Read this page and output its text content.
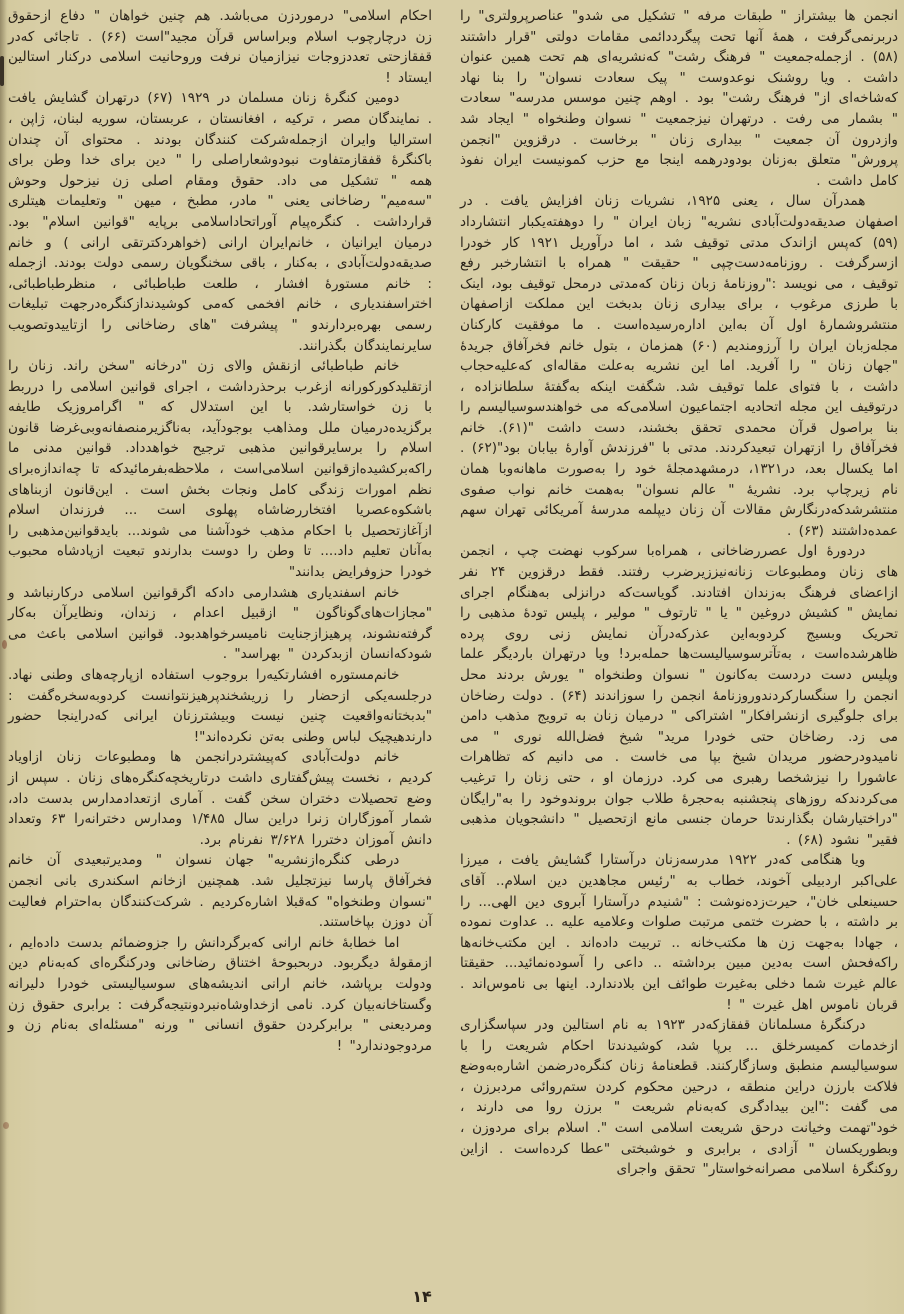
انجمن ها بیشتراز " طبقات مرفه " تشکیل می شدو" عناصرپرولتری" را دربرنمی‌گرفت ، همهٔ آنها تحت پیگرددائمی مقامات دولتی "قرار داشتند (۵۸) . ازجمله‌جمعیت " فرهنگ رشت" که‌نشریه‌ای هم تحت همین عنوان داشت . ویا روشنک نوعدوست " پیک سعادت نسوان" را بنا نهاد که‌شاخه‌ای از" فرهنگ رشت" بود . اوهم چنین موسس مدرسه" سعادت " بشمار می رفت . درتهران نیزجمعیت " نسوان وطنخواه " ایجاد شد وازدرون آن جمعیت " بیداری زنان " برخاست . درقزوین "انجمن پرورش" متعلق به‌زنان بودودرهمه اینجا مع حزب کمونیست ایران نفوذ کامل داشت .

همدرآن سال ، یعنی ۱۹۲۵، نشریات زنان افزایش یافت . در اصفهان صدیقه‌دولت‌آبادی نشریه" زبان ایران " را دوهفته‌یکبار انتشارداد (۵۹) که‌پس ازاندک مدتی توقیف شد ، اما درآوریل ۱۹۲۱ کار خودرا ازسرگرفت . روزنامه‌دست‌چپی " حقیقت " همراه با انتشارخبر رفع توقیف ، می نویسد :"روزنامهٔ زبان زنان که‌مدتی درمحل توقیف بود، اینک با طرزی مرغوب ، برای بیداری زنان بدبخت این مملکت ازاصفهان منتشروشمارهٔ اول آن به‌این اداره‌رسیده‌است . ما موفقیت کارکنان مجله‌زبان ایران را آرزومندیم (۶۰) همزمان ، بتول خانم فخرآفاق جریدهٔ "جهان زنان " را آفرید. اما این نشریه به‌علت مقاله‌ای که‌علیه‌حجاب داشت ، با فتوای علما توقیف شد. شگفت اینکه به‌گفتهٔ سلطانزاده ، درتوقیف این مجله اتحادیه اجتماعیون اسلامی‌که می خواهندسوسیالیسم را بنا براصول قرآن محمدی تحقق بخشند، دست داشت "(۶۱). خانم فخرآفاق را ازتهران تبعیدکردند. مدتی با "فرزندش آوارهٔ بیابان بود"(۶۲) . اما یکسال بعد، در۱۳۲۱، درمشهدمجلهٔ خود را به‌صورت ماهانه‌وبا همان نام زیرچاپ برد. نشریهٔ " عالم نسوان" به‌همت خانم نواب صفوی منتشرشدکه‌درنگارش مقالات آن زنان دیپلمه مدرسهٔ آمریکائی تهران سهم عمده‌داشتند (۶۳) .

دردورهٔ اول عصررضاخانی ، همراه‌با سرکوب نهضت چپ ، انجمن های زنان ومطبوعات زنانه‌نیززیرضرب رفتند. فقط درقزوین ۲۴ نفر ازاعضای فرهنگ به‌زندان افتادند. گویاست‌که درانزلی به‌هنگام اجرای نمایش " کشیش دروغین " یا " تارتوف " مولیر ، پلیس تودهٔ مذهبی را تحریک وبسیج کردوبه‌این عذرکه‌درآن نمایش زنی روی پرده ظاهرشده‌است ، به‌تآترسوسیالیست‌ها حمله‌برد! ویا درتهران باردیگر علما وپلیس دست دردست به‌کانون " نسوان وطنخواه " یورش بردند محل انجمن را سنگسارکردندوروزنامهٔ انجمن را سوزاندند (۶۴) . دولت رضاخان برای جلوگیری ازنشرافکار" اشتراکی " درمیان زنان به ترویج مذهب دامن می زد. رضاخان حتی خودرا مرید" شیخ فضل‌الله نوری " می نامیدودرحضور مریدان شیخ بپا می خاست . می دانیم که تظاهرات عاشورا را نیزشخصا رهبری می کرد. درزمان او ، حتی زنان را ترغیب می‌کردندکه روزهای پنجشنبه به‌حجرهٔ طلاب جوان بروندوخود را به"رایگان "دراختیارشان بگذارندتا حرمان جنسی مانع ازتحصیل " دانشجویان مذهبی فقیر" نشود (۶۸) .

ویا هنگامی که‌در ۱۹۲۲ مدرسه‌زنان درآستارا گشایش یافت ، میرزا علی‌اکبر اردبیلی آخوند، خطاب به "رئیس مجاهدین دین اسلام.. آقای حسینعلی خان"، حیرت‌زده‌نوشت : "شنیدم درآستارا آبروی دین الهی... را بر داشته ، با حضرت ختمی مرتبت صلوات وعلامیه علیه .. عداوت نموده ، جهادا به‌جهت زن ها مکتب‌خانه .. تربیت داده‌اند . این مکتب‌خانه‌ها راکه‌فحش است به‌دین مبین برداشته .. داعی را آسوده‌نمائید... حقیقتا عالم غیرت شما دخلی به‌غیرت طوائف این بلادندارد. اینها بی ناموس‌اند . قربان ناموس اهل غیرت " !

درکنگرهٔ مسلمانان قفقازکه‌در ۱۹۲۳ به نام استالین ودر سپاسگزاری ازخدمات کمیسرخلق ... برپا شد، کوشیدندتا احکام شریعت را با سوسیالیسم منطبق وسازگارکنند. قطعنامهٔ زنان کنگره‌درضمن اشاره‌به‌وضع فلاکت بارزن دراین منطقه ، درحین محکوم کردن ستم‌روائی مردبرزن ، می گفت :"این بیدادگری که‌به‌نام شریعت " برزن روا می دارند ، خود"تهمت وخیانت درحق شریعت اسلامی است ". اسلام برای مردوزن ، وبطوریکسان " آزادی ، برابری و خوشبختی "عطا کرده‌است . ازاین روکنگرهٔ اسلامی مصرانه‌خواستار" تحقق واجرای

احکام اسلامی" درموردزن می‌باشد. هم چنین خواهان " دفاع ازحقوق زن درچارچوب اسلام وبراساس قرآن مجید"است (۶۶) . تاجائی که‌در قفقازحتی تعددزوجات نیزازمیان نرفت وروحانیت اسلامی درکنار استالین ایستاد !

دومین کنگرهٔ زنان مسلمان در ۱۹۲۹ (۶۷) درتهران گشایش یافت . نمایندگان مصر ، ترکیه ، افغانستان ، عربستان، سوریه لبنان، ژاپن ، استرالیا وایران ازجمله‌شرکت کنندگان بودند . محتوای آن چندان باکنگرهٔ قفقازمتفاوت نبودوشعاراصلی را " دین برای خدا وطن برای همه " تشکیل می داد. حقوق ومقام اصلی زن نیزحول وحوش "سه‌میم" رضاخانی یعنی " مادر، مطبخ ، میهن " وتعلیمات هیتلری قرارداشت . کنگره‌پیام آوراتحاداسلامی برپایه "قوانین اسلام" بود. درمیان ایرانیان ، خانم‌ایران ارانی (خواهردکترتقی ارانی ) و خانم صدیقه‌دولت‌آبادی ، به‌کنار ، باقی سخنگویان رسمی دولت بودند. ازجمله : خانم مستورهٔ افشار ، طلعت طباطبائی ، منظرطباطبائی، اختراسفندیاری ، خانم افخمی که‌می کوشیدندازکنگره‌درجهت تبلیغات رسمی بهره‌بردارندو " پیشرفت "های رضاخانی را ازتاییدوتصویب سایرنمایندگان بگذرانند.

خانم طباطبائی ازنقش والای زن "درخانه "سخن راند. زنان را ازتقلیدکورکورانه ازغرب برحذرداشت ، اجرای قوانین اسلامی را درربط با زن خواستارشد. با این استدلال که " اگرامروزیک طایفه برگزیده‌درمیان ملل ومذاهب بوجودآید، به‌ناگزیرمنصفانه‌وبی‌غرضا قانون اسلام را برسایرقوانین مذهبی ترجیح خواهدداد. قوانین مدنی ما راکه‌برکشیده‌ازقوانین اسلامی‌است ، ملاحظه‌بفرمائیدکه تا چه‌اندازه‌برای نظم امورات زندگی کامل ونجات بخش است . این‌قانون ازبناهای باشکوه‌عصریا افتخاررضاشاه پهلوی است ... فرزندان اسلام ازآغازتحصیل با احکام مذهب خودآشنا می شوند... بایدقوانین‌مذهبی را به‌آنان تعلیم داد.... تا وطن را دوست بدارندو تبعیت ازپادشاه محبوب خودرا حزوفرایض بدانند"

خانم اسفندیاری هشدارمی دادکه اگرقوانین اسلامی درکارنباشد و "مجازات‌های‌گوناگون " ازقبیل اعدام ، زندان، ونظایرآن به‌کار گرفته‌نشوند، پرهیزازجنایت نامیسرخواهدبود. قوانین اسلامی باعث می شودکه‌انسان ازبدکردن " بهراسد" .

خانم‌مستوره افشارتکیه‌را بروجوب استفاده ازپارچه‌های وطنی نهاد. درجلسه‌یکی ازحضار را زریشخندپرهیزنتوانست کردوبه‌سخره‌گفت : "بدبختانه‌واقعیت چنین نیست وبیشترزنان ایرانی که‌دراینجا حضور دارندهیچیک لباس وطنی به‌تن نکرده‌اند"!

خانم دولت‌آبادی که‌پیشتردرانجمن ها ومطبوعات زنان ازاویاد کردیم ، نخست پیش‌گفتاری داشت درتاریخچه‌کنگره‌های زنان . سپس از وضع تحصیلات دختران سخن گفت . آماری ازتعدادمدارس بدست داد، شمار آموزگاران زنرا دراین سال ۱/۴۸۵ ومدارس دخترانه‌را ۶۳ وتعداد دانش آموزان دختررا ۳/۶۲۸ نفرنام برد.

درطی کنگره‌ازنشریه" جهان نسوان " ومدیرتبعیدی آن خانم فخرآفاق پارسا نیزتجلیل شد. همچنین ازخانم اسکندری بانی انجمن "نسوان وطنخواه" که‌قبلا اشاره‌کردیم . شرکت‌کنندگان به‌احترام فعالیت آن دوزن بپاخاستند.

اما خطابهٔ خانم ارانی که‌برگردانش را جزوضمائم بدست داده‌ایم ، ازمقولهٔ دیگربود. دربحبوحهٔ اختناق رضاخانی ودرکنگره‌ای که‌به‌نام دین ودولت برپاشد، خانم ارانی اندیشه‌های سوسیالیستی خودرا دلیرانه وگستاخانه‌بیان کرد. نامی ازخداوشاه‌نبردونتیجه‌گرفت : برابری حقوق زن ومردیعنی " برابرکردن حقوق انسانی " ورنه "مسئله‌ای به‌نام زن و مردوجودندارد" !

۱۴
